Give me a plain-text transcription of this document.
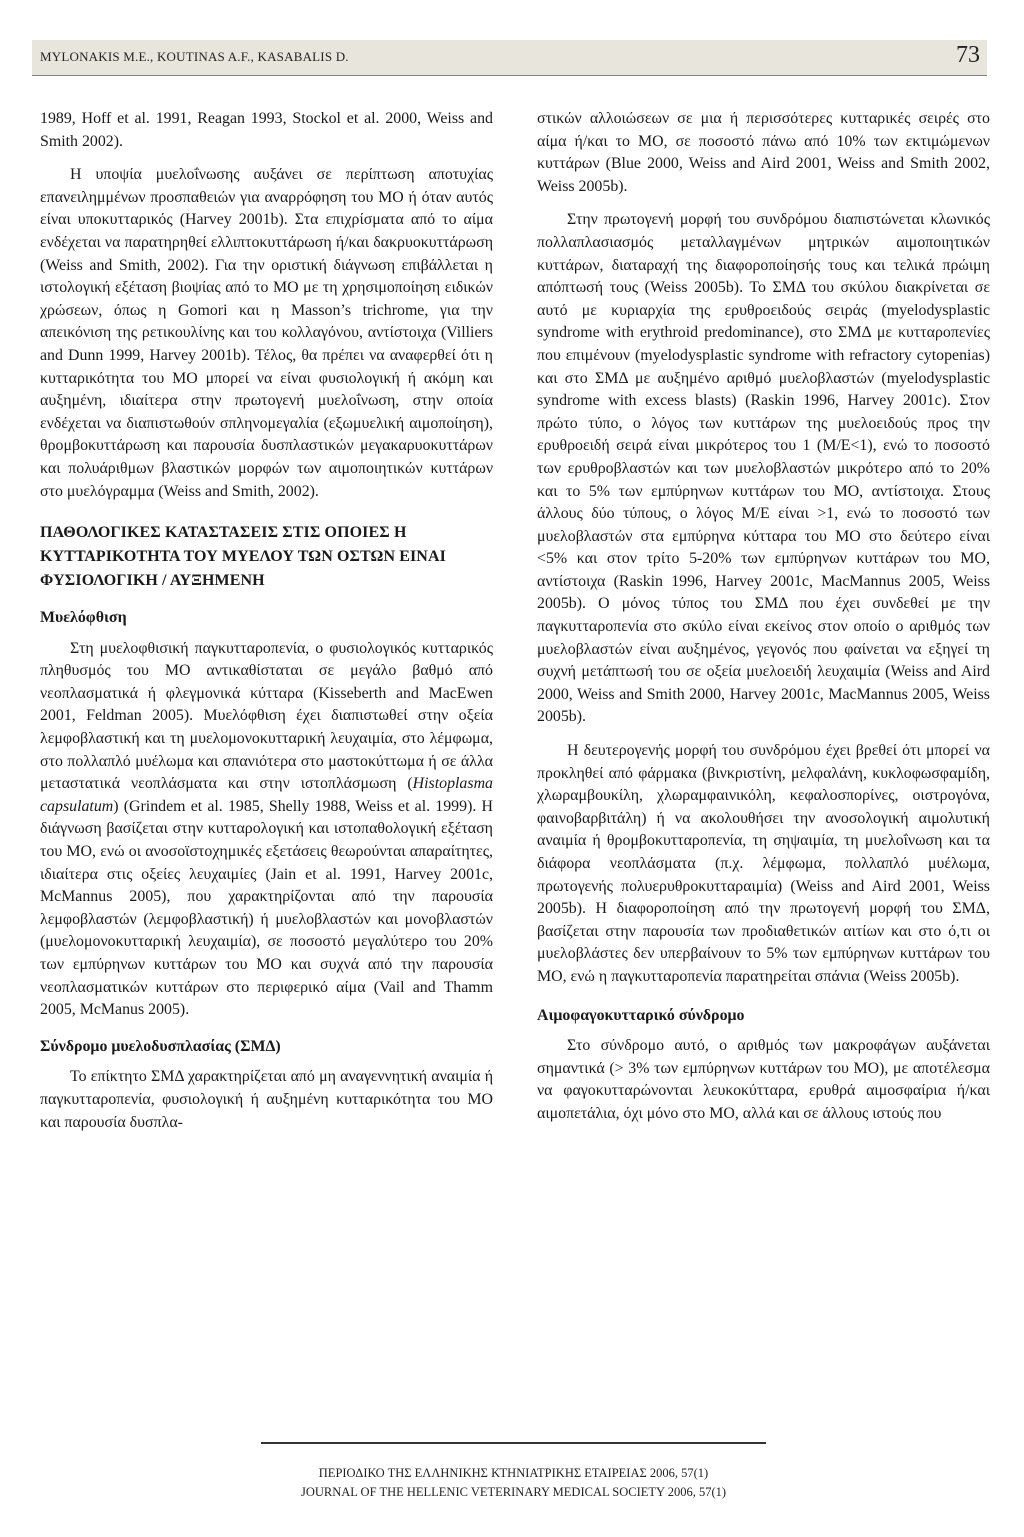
MYLONAKIS M.E., KOUTINAS A.F., KASABALIS D.	73

1989, Hoff et al. 1991, Reagan 1993, Stockol et al. 2000, Weiss and Smith 2002).

Η υποψία μυελοΐνωσης αυξάνει σε περίπτωση αποτυχίας επανειλημμένων προσπαθειών για αναρρόφηση του ΜΟ ή όταν αυτός είναι υποκυτταρικός (Harvey 2001b). Στα επιχρίσματα από το αίμα ενδέχεται να παρατηρηθεί ελλιπτοκυττάρωση ή/και δακρυοκυττάρωση (Weiss and Smith, 2002). Για την οριστική διάγνωση επιβάλλεται η ιστολογική εξέταση βιοψίας από το ΜΟ με τη χρησιμοποίηση ειδικών χρώσεων, όπως η Gomori και η Masson’s trichrome, για την απεικόνιση της ρετικουλίνης και του κολλαγόνου, αντίστοιχα (Villiers and Dunn 1999, Harvey 2001b). Τέλος, θα πρέπει να αναφερθεί ότι η κυτταρικότητα του ΜΟ μπορεί να είναι φυσιολογική ή ακόμη και αυξημένη, ιδιαίτερα στην πρωτογενή μυελοΐνωση, στην οποία ενδέχεται να διαπιστωθούν σπληνομεγαλία (εξωμυελική αιμοποίηση), θρομβοκυττάρωση και παρουσία δυσπλαστικών μεγακαρυοκυττάρων και πολυάριθμων βλαστικών μορφών των αιμοποιητικών κυττάρων στο μυελόγραμμα (Weiss and Smith, 2002).

ΠΑΘΟΛΟΓΙΚΕΣ ΚΑΤΑΣΤΑΣΕΙΣ ΣΤΙΣ ΟΠΟΙΕΣ Η ΚΥΤΤΑΡΙΚΟΤΗΤΑ ΤΟΥ ΜΥΕΛΟΥ ΤΩΝ ΟΣΤΩΝ ΕΙΝΑΙ ΦΥΣΙΟΛΟΓΙΚΗ / ΑΥΞΗΜΕΝΗ
Μυελόφθιση

Στη μυελοφθισική παγκυτταροπενία, ο φυσιολογικός κυτταρικός πληθυσμός του ΜΟ αντικαθίσταται σε μεγάλο βαθμό από νεοπλασματικά ή φλεγμονικά κύτταρα (Kisseberth and MacEwen 2001, Feldman 2005). Μυελόφθιση έχει διαπιστωθεί στην οξεία λεμφοβλαστική και τη μυελομονοκυτταρική λευχαιμία, στο λέμφωμα, στο πολλαπλό μυέλωμα και σπανιότερα στο μαστοκύττωμα ή σε άλλα μεταστατικά νεοπλάσματα και στην ιστοπλάσμωση (Histoplasma capsulatum) (Grindem et al. 1985, Shelly 1988, Weiss et al. 1999). Η διάγνωση βασίζεται στην κυτταρολογική και ιστοπαθολογική εξέταση του ΜΟ, ενώ οι ανοσοϊστοχημικές εξετάσεις θεωρούνται απαραίτητες, ιδιαίτερα στις οξείες λευχαιμίες (Jain et al. 1991, Harvey 2001c, McMannus 2005), που χαρακτηρίζονται από την παρουσία λεμφοβλαστών (λεμφοβλαστική) ή μυελοβλαστών και μονοβλαστών (μυελομονοκυτταρική λευχαιμία), σε ποσοστό μεγαλύτερο του 20% των εμπύρηνων κυττάρων του ΜΟ και συχνά από την παρουσία νεοπλασματικών κυττάρων στο περιφερικό αίμα (Vail and Thamm 2005, McManus 2005).

Σύνδρομο μυελοδυσπλασίας (ΣΜΔ)

Το επίκτητο ΣΜΔ χαρακτηρίζεται από μη αναγεννητική αναιμία ή παγκυτταροπενία, φυσιολογική ή αυξημένη κυτταρικότητα του ΜΟ και παρουσία δυσπλα-

στικών αλλοιώσεων σε μια ή περισσότερες κυτταρικές σειρές στο αίμα ή/και το ΜΟ, σε ποσοστό πάνω από 10% των εκτιμώμενων κυττάρων (Blue 2000, Weiss and Aird 2001, Weiss and Smith 2002, Weiss 2005b).

Στην πρωτογενή μορφή του συνδρόμου διαπιστώνεται κλωνικός πολλαπλασιασμός μεταλλαγμένων μητρικών αιμοποιητικών κυττάρων, διαταραχή της διαφοροποίησής τους και τελικά πρώιμη απόπτωσή τους (Weiss 2005b). Το ΣΜΔ του σκύλου διακρίνεται σε αυτό με κυριαρχία της ερυθροειδούς σειράς (myelodysplastic syndrome with erythroid predominance), στο ΣΜΔ με κυτταροπενίες που επιμένουν (myelodysplastic syndrome with refractory cytopenias) και στο ΣΜΔ με αυξημένο αριθμό μυελοβλαστών (myelodysplastic syndrome with excess blasts) (Raskin 1996, Harvey 2001c). Στον πρώτο τύπο, ο λόγος των κυττάρων της μυελοειδούς προς την ερυθροειδή σειρά είναι μικρότερος του 1 (Μ/Ε<1), ενώ το ποσοστό των ερυθροβλαστών και των μυελοβλαστών μικρότερο από το 20% και το 5% των εμπύρηνων κυττάρων του ΜΟ, αντίστοιχα. Στους άλλους δύο τύπους, ο λόγος Μ/Ε είναι >1, ενώ το ποσοστό των μυελοβλαστών στα εμπύρηνα κύτταρα του ΜΟ στο δεύτερο είναι <5% και στον τρίτο 5-20% των εμπύρηνων κυττάρων του ΜΟ, αντίστοιχα (Raskin 1996, Harvey 2001c, MacMannus 2005, Weiss 2005b). Ο μόνος τύπος του ΣΜΔ που έχει συνδεθεί με την παγκυτταροπενία στο σκύλο είναι εκείνος στον οποίο ο αριθμός των μυελοβλαστών είναι αυξημένος, γεγονός που φαίνεται να εξηγεί τη συχνή μετάπτωσή του σε οξεία μυελοειδή λευχαιμία (Weiss and Aird 2000, Weiss and Smith 2000, Harvey 2001c, MacMannus 2005, Weiss 2005b).

Η δευτερογενής μορφή του συνδρόμου έχει βρεθεί ότι μπορεί να προκληθεί από φάρμακα (βινκριστίνη, μελφαλάνη, κυκλοφωσφαμίδη, χλωραμβουκίλη, χλωραμφαινικόλη, κεφαλοσπορίνες, οιστρογόνα, φαινοβαρβιτάλη) ή να ακολουθήσει την ανοσολογική αιμολυτική αναιμία ή θρομβοκυτταροπενία, τη σηψαιμία, τη μυελοΐνωση και τα διάφορα νεοπλάσματα (π.χ. λέμφωμα, πολλαπλό μυέλωμα, πρωτογενής πολυερυθροκυτταραιμία) (Weiss and Aird 2001, Weiss 2005b). Η διαφοροποίηση από την πρωτογενή μορφή του ΣΜΔ, βασίζεται στην παρουσία των προδιαθετικών αιτίων και στο ό,τι οι μυελοβλάστες δεν υπερβαίνουν το 5% των εμπύρηνων κυττάρων του ΜΟ, ενώ η παγκυτταροπενία παρατηρείται σπάνια (Weiss 2005b).

Αιμοφαγοκυτταρικό σύνδρομο

Στο σύνδρομο αυτό, ο αριθμός των μακροφάγων αυξάνεται σημαντικά (> 3% των εμπύρηνων κυττάρων του ΜΟ), με αποτέλεσμα να φαγοκυτταρώνονται λευκοκύτταρα, ερυθρά αιμοσφαίρια ή/και αιμοπετάλια, όχι μόνο στο ΜΟ, αλλά και σε άλλους ιστούς που

ΠΕΡΙΟΔΙΚΟ ΤΗΣ ΕΛΛΗΝΙΚΗΣ ΚΤΗΝΙΑΤΡΙΚΗΣ ΕΤΑΙΡΕΙΑΣ 2006, 57(1)
JOURNAL OF THE HELLENIC VETERINARY MEDICAL SOCIETY 2006, 57(1)
